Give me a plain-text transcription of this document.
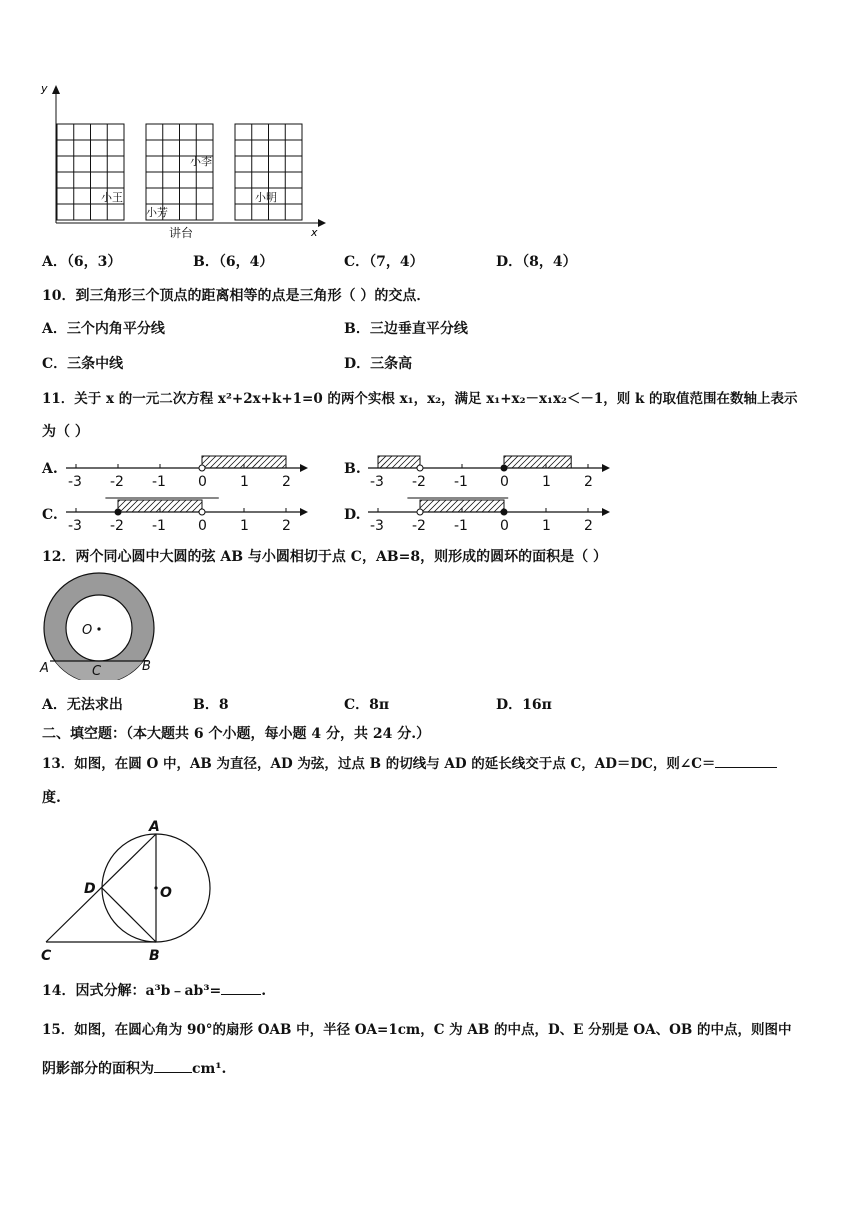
y
x
小王
小芳
小李
小明
讲台
A．（6，3）	B．（6，4）	C．（7，4）	D．（8，4）
10．到三角形三个顶点的距离相等的点是三角形（ ）的交点．
A．三个内角平分线	B．三边垂直平分线
C．三条中线	D．三条高
11．关于 x 的一元二次方程 x²+2x+k+1=0 的两个实根 x₁，x₂，满足 x₁+x₂－x₁x₂＜－1，则 k 的取值范围在数轴上表示
为（ ）
A.
-3 -2 -1 0 1 2
B.
-3 -2 -1 0 1 2
C.
-3 -2 -1 0 1 2
D.
-3 -2 -1 0 1 2
12．两个同心圆中大圆的弦 AB 与小圆相切于点 C，AB=8，则形成的圆环的面积是（ ）
O
A	B
C
A．无法求出	B．8	C．8π	D．16π
二、填空题：（本大题共 6 个小题，每小题 4 分，共 24 分.）
13．如图，在圆 O 中，AB 为直径，AD 为弦，过点 B 的切线与 AD 的延长线交于点 C，AD＝DC，则∠C＝
度.
A
B
C
D	O
14．因式分解：a³b﹣ab³=	.
15．如图，在圆心角为 90°的扇形 OAB 中，半径 OA=1cm，C 为 AB 的中点，D、E 分别是 OA、OB 的中点，则图中
阴影部分的面积为	cm¹.
